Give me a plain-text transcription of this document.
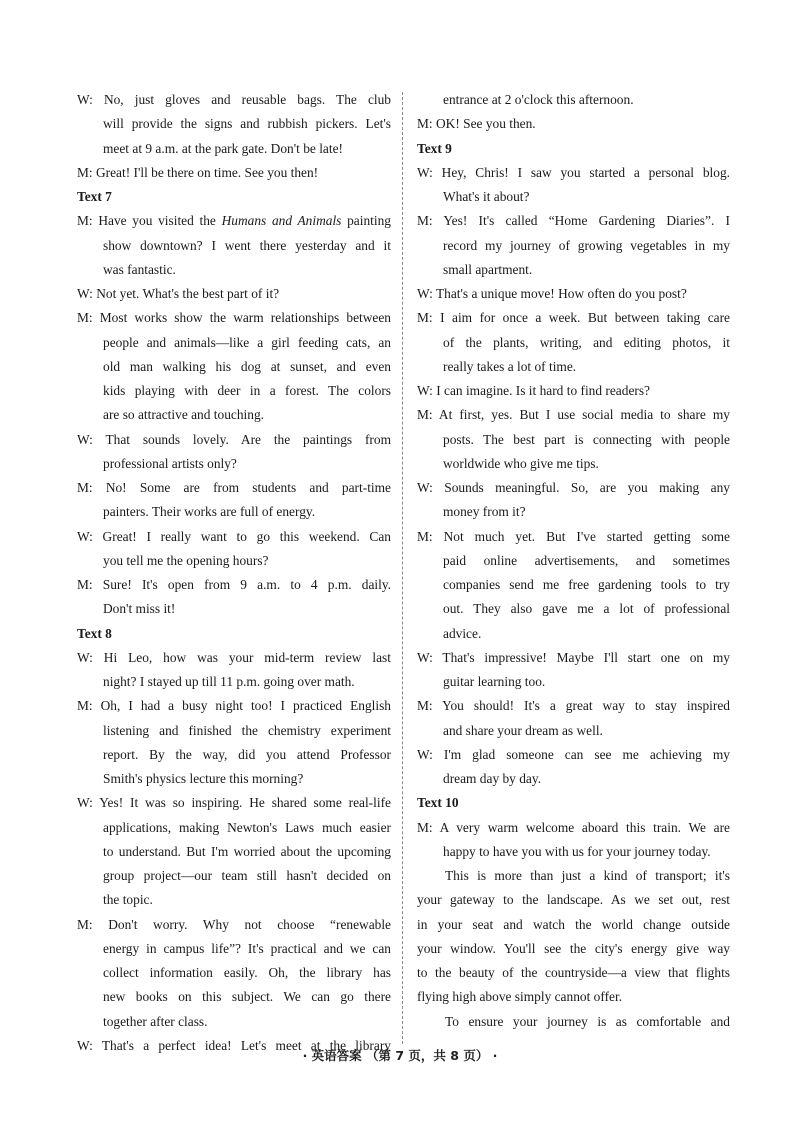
W: No, just gloves and reusable bags. The club
will provide the signs and rubbish pickers. Let's
meet at 9 a.m. at the park gate. Don't be late!
M: Great! I'll be there on time. See you then!
Text 7
M: Have you visited the Humans and Animals painting
show downtown? I went there yesterday and it
was fantastic.
W: Not yet. What's the best part of it?
M: Most works show the warm relationships between
people and animals—like a girl feeding cats, an
old man walking his dog at sunset, and even
kids playing with deer in a forest. The colors
are so attractive and touching.
W: That sounds lovely. Are the paintings from
professional artists only?
M: No! Some are from students and part-time
painters. Their works are full of energy.
W: Great! I really want to go this weekend. Can
you tell me the opening hours?
M: Sure! It's open from 9 a.m. to 4 p.m. daily.
Don't miss it!
Text 8
W: Hi Leo, how was your mid-term review last
night? I stayed up till 11 p.m. going over math.
M: Oh, I had a busy night too! I practiced English
listening and finished the chemistry experiment
report. By the way, did you attend Professor
Smith's physics lecture this morning?
W: Yes! It was so inspiring. He shared some real-life
applications, making Newton's Laws much easier
to understand. But I'm worried about the upcoming
group project—our team still hasn't decided on
the topic.
M: Don't worry. Why not choose “renewable
energy in campus life”? It's practical and we can
collect information easily. Oh, the library has
new books on this subject. We can go there
together after class.
W: That's a perfect idea! Let's meet at the library
entrance at 2 o'clock this afternoon.
M: OK! See you then.
Text 9
W: Hey, Chris! I saw you started a personal blog.
What's it about?
M: Yes! It's called “Home Gardening Diaries”. I
record my journey of growing vegetables in my
small apartment.
W: That's a unique move! How often do you post?
M: I aim for once a week. But between taking care
of the plants, writing, and editing photos, it
really takes a lot of time.
W: I can imagine. Is it hard to find readers?
M: At first, yes. But I use social media to share my
posts. The best part is connecting with people
worldwide who give me tips.
W: Sounds meaningful. So, are you making any
money from it?
M: Not much yet. But I've started getting some
paid online advertisements, and sometimes
companies send me free gardening tools to try
out. They also gave me a lot of professional
advice.
W: That's impressive! Maybe I'll start one on my
guitar learning too.
M: You should! It's a great way to stay inspired
and share your dream as well.
W: I'm glad someone can see me achieving my
dream day by day.
Text 10
M: A very warm welcome aboard this train. We are
happy to have you with us for your journey today.
This is more than just a kind of transport; it's
your gateway to the landscape. As we set out, rest
in your seat and watch the world change outside
your window. You'll see the city's energy give way
to the beauty of the countryside—a view that flights
flying high above simply cannot offer.
To ensure your journey is as comfortable and
· 英语答案 （第 7 页，共 8 页） ·
